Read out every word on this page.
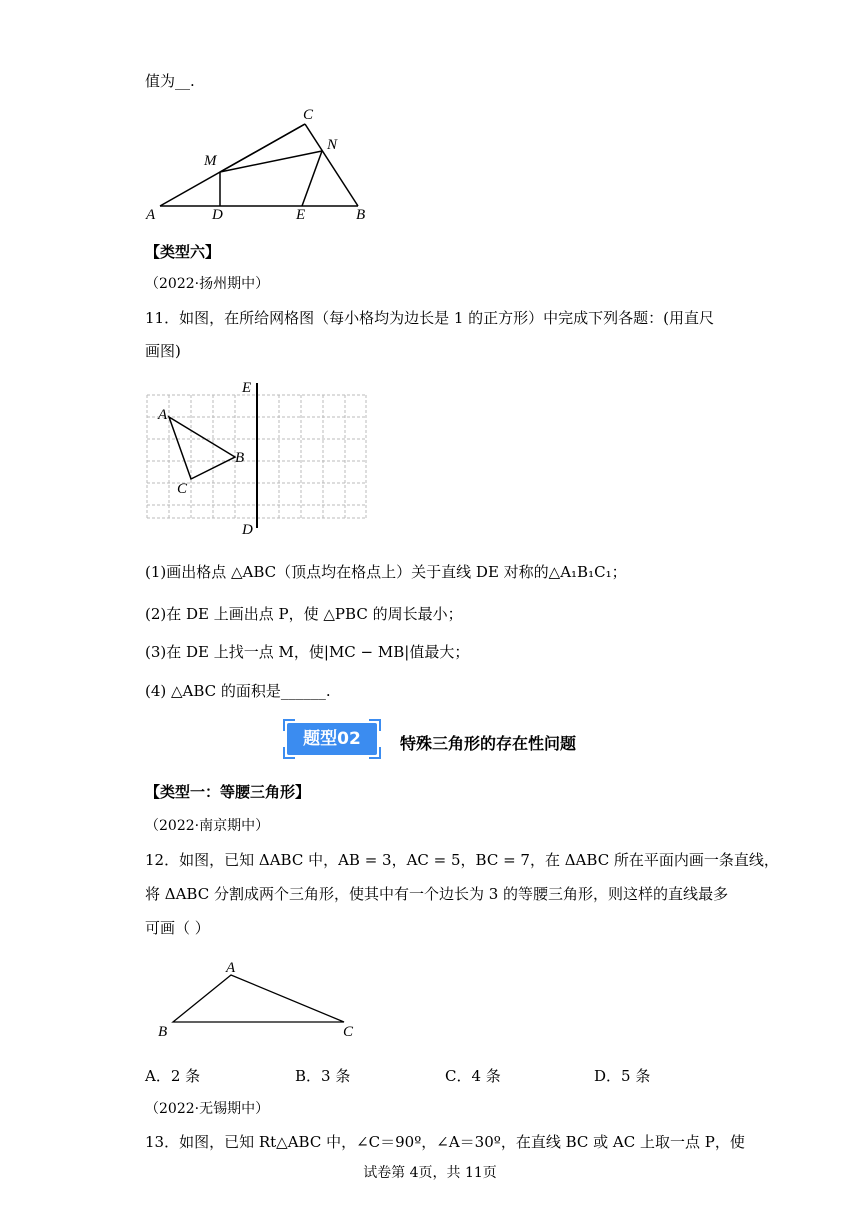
值为__.
C
M
N
A	D	E	B
【类型六】
（2022·扬州期中）
11．如图，在所给网格图（每小格均为边长是 1 的正方形）中完成下列各题：(用直尺
画图)
E
A
B
C
D
(1)画出格点 △ABC（顶点均在格点上）关于直线 DE 对称的△A₁B₁C₁；
(2)在 DE 上画出点 P，使 △PBC 的周长最小；
(3)在 DE 上找一点 M，使|MC − MB|值最大；
(4) △ABC 的面积是______.
题型02	特殊三角形的存在性问题
【类型一：等腰三角形】
（2022·南京期中）
12．如图，已知 ΔABC 中，AB = 3，AC = 5，BC = 7，在 ΔABC 所在平面内画一条直线，
将 ΔABC 分割成两个三角形，使其中有一个边长为 3 的等腰三角形，则这样的直线最多
可画（ ）
A
B	C
A．2 条	B．3 条	C．4 条	D．5 条
（2022·无锡期中）
13．如图，已知 Rt△ABC 中，∠C＝90º，∠A＝30º，在直线 BC 或 AC 上取一点 P，使
试卷第 4页，共 11页
